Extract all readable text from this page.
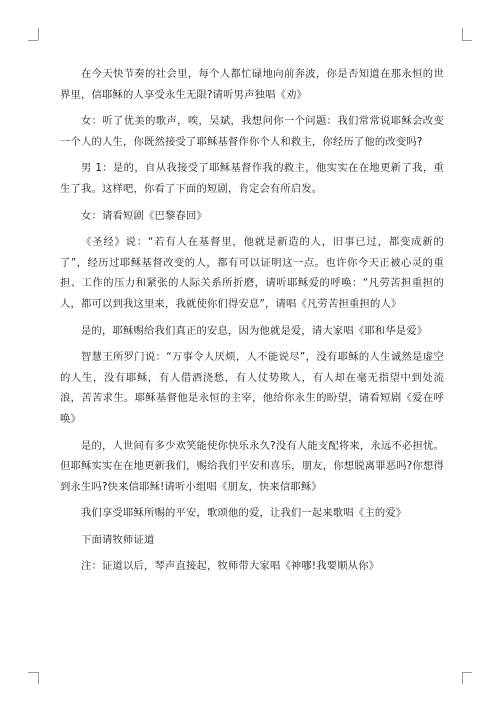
在今天快节奏的社会里，每个人都忙碌地向前奔波，你是否知道在那永恒的世界里，信耶稣的人享受永生无限?请听男声独唱《劝》

女：听了优美的歌声，唉，吴斌，我想问你一个问题：我们常常说耶稣会改变一个人的人生，你既然接受了耶稣基督作你个人和救主，你经历了他的改变吗?

男 1：是的，自从我接受了耶稣基督作我的救主，他实实在在地更新了我，重生了我。这样吧，你看了下面的短剧，肯定会有所启发。

女：请看短剧《巴黎春回》

《圣经》说：“若有人在基督里，他就是新造的人，旧事已过，都变成新的了”，经历过耶稣基督改变的人，都有可以证明这一点。也许你今天正被心灵的重担、工作的压力和紧张的人际关系所折磨，请听耶稣爱的呼唤：“凡劳苦担重担的人，都可以到我这里来，我就使你们得安息”，请唱《凡劳苦担重担的人》

是的，耶稣赐给我们真正的安息，因为他就是爱，请大家唱《耶和华是爱》

智慧王所罗门说：“万事令人厌烦，人不能说尽”，没有耶稣的人生诚然是虚空的人生，没有耶稣，有人借酒浇愁，有人仗势欺人，有人却在毫无指望中到处流浪，苦苦求生。耶稣基督他是永恒的主宰，他给你永生的盼望，请看短剧《爱在呼唤》

是的，人世间有多少欢笑能使你快乐永久?没有人能支配将来，永远不必担忧。但耶稣实实在在地更新我们，赐给我们平安和喜乐，朋友，你想脱离罪恶吗?你想得到永生吗?快来信耶稣!请听小组唱《朋友，快来信耶稣》

我们享受耶稣所赐的平安，歌颂他的爱，让我们一起来歌唱《主的爱》

下面请牧师证道

注：证道以后，琴声直接起，牧师带大家唱《神哪!我要顺从你》
